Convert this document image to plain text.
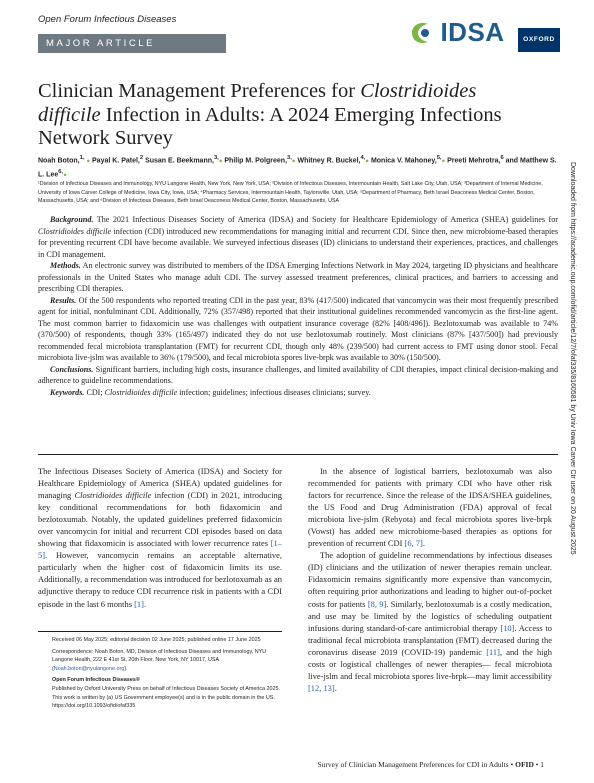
Open Forum Infectious Diseases
MAJOR ARTICLE	IDSA	OXFORD
Clinician Management Preferences for Clostridioides difficile Infection in Adults: A 2024 Emerging Infections Network Survey
Noah Boton,$^{1,}$ ● Payal K. Patel,$^2$ Susan E. Beekmann,$^{3,}$● Philip M. Polgreen,$^{3,}$● Whitney R. Buckel,$^{4,}$● Monica V. Mahoney,$^{5,}$● Preeti Mehrotra,$^6$ and Matthew S. L. Lee$^{6,}$●
¹Division of Infectious Diseases and Immunology, NYU Langone Health, New York, New York, USA; ²Division of Infectious Diseases, Intermountain Health, Salt Lake City, Utah, USA; ³Department of Internal Medicine, University of Iowa Carver College of Medicine, Iowa City, Iowa, USA; ⁴Pharmacy Services, Intermountain Health, Taylorsville, Utah, USA; ⁵Department of Pharmacy, Beth Israel Deaconess Medical Center, Boston, Massachusetts, USA; and ⁶Division of Infectious Diseases, Beth Israel Deaconess Medical Center, Boston, Massachusetts, USA	Downloaded from https://academic.oup.com/ofid/article/12/7/ofaf335/8160581 by Univ Iowa Carver Ctr user on 20 August 2025

Background. The 2021 Infectious Diseases Society of America (IDSA) and Society for Healthcare Epidemiology of America (SHEA) guidelines for Clostridioides difficile infection (CDI) introduced new recommendations for managing initial and recurrent CDI. Since then, new microbiome-based therapies for preventing recurrent CDI have become available. We surveyed infectious diseases (ID) clinicians to understand their experiences, practices, and challenges in CDI management.

Methods. An electronic survey was distributed to members of the IDSA Emerging Infections Network in May 2024, targeting ID physicians and healthcare professionals in the United States who manage adult CDI. The survey assessed treatment preferences, clinical practices, and barriers to accessing and prescribing CDI therapies.

Results. Of the 500 respondents who reported treating CDI in the past year, 83% (417/500) indicated that vancomycin was their most frequently prescribed agent for initial, nonfulminant CDI. Additionally, 72% (357/498) reported that their institutional guidelines recommended vancomycin as the first-line agent. The most common barrier to fidaxomicin use was challenges with outpatient insurance coverage (82% [408/496]). Bezlotoxumab was available to 74% (370/500) of respondents, though 33% (165/497) indicated they do not use bezlotoxumab routinely. Most clinicians (87% [437/500]) had previously recommended fecal microbiota transplantation (FMT) for recurrent CDI, though only 48% (239/500) had current access to FMT using donor stool. Fecal microbiota live-jslm was available to 36% (179/500), and fecal microbiota spores live-brpk was available to 30% (150/500).

Conclusions. Significant barriers, including high costs, insurance challenges, and limited availability of CDI therapies, impact clinical decision-making and adherence to guideline recommendations.

Keywords. CDI; Clostridioides difficile infection; guidelines; infectious diseases clinicians; survey.

The Infectious Diseases Society of America (IDSA) and Society for Healthcare Epidemiology of America (SHEA) updated guidelines for managing Clostridioides difficile infection (CDI) in 2021, introducing key conditional recommendations for both fidaxomicin and bezlotoxumab. Notably, the updated guidelines preferred fidaxomicin over vancomycin for initial and recurrent CDI episodes based on data showing that fidaxomicin is associated with lower recurrence rates [1–5]. However, vancomycin remains an acceptable alternative, particularly when the higher cost of fidaxomicin limits its use. Additionally, a recommendation was introduced for bezlotoxumab as an adjunctive therapy to reduce CDI recurrence risk in patients with a CDI episode in the last 6 months [1].

In the absence of logistical barriers, bezlotoxumab was also recommended for patients with primary CDI who have other risk factors for recurrence. Since the release of the IDSA/SHEA guidelines, the US Food and Drug Administration (FDA) approval of fecal microbiota live-jslm (Rebyota) and fecal microbiota spores live-brpk (Vowst) has added new microbiome-based therapies as options for prevention of recurrent CDI [6, 7].

The adoption of guideline recommendations by infectious diseases (ID) clinicians and the utilization of newer therapies remain unclear. Fidaxomicin remains significantly more expensive than vancomycin, often requiring prior authorizations and leading to higher out-of-pocket costs for patients [8, 9]. Similarly, bezlotoxumab is a costly medication, and use may be limited by the logistics of scheduling outpatient infusions during standard-of-care antimicrobial therapy [10]. Access to traditional fecal microbiota transplantation (FMT) decreased during the coronavirus disease 2019 (COVID-19) pandemic [11], and the high costs or logistical challenges of newer therapies— fecal microbiota live-jslm and fecal microbiota spores live-brpk—may limit accessibility [12, 13].

Received 06 May 2025; editorial decision 02 June 2025; published online 17 June 2025

Correspondence: Noah Boton, MD, Division of Infectious Diseases and Immunology, NYU Langone Health, 222 E 41st St, 20th Floor, New York, NY 10017, USA (Noah.boton@nyulangone.org).

Open Forum Infectious Diseases®

Published by Oxford University Press on behalf of Infectious Diseases Society of America 2025. This work is written by (a) US Government employee(s) and is in the public domain in the US. https://doi.org/10.1093/ofid/ofaf335

Survey of Clinician Management Preferences for CDI in Adults • OFID • 1
